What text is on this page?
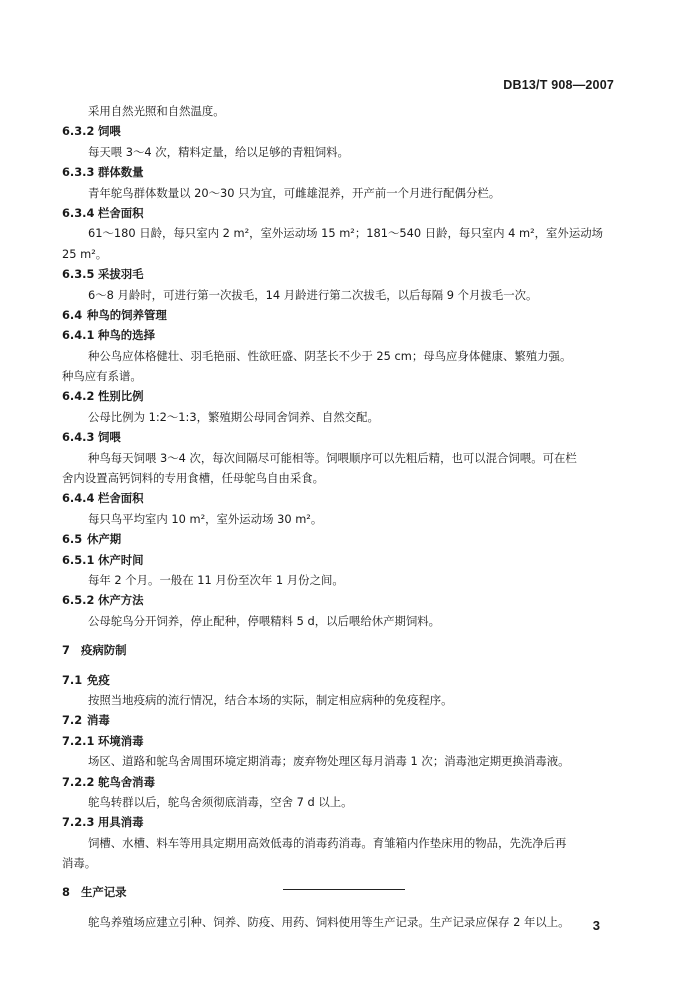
DB13/T 908—2007
采用自然光照和自然温度。
6.3.2 饲喂
每天喂 3～4 次，精料定量，给以足够的青粗饲料。
6.3.3 群体数量
青年鸵鸟群体数量以 20～30 只为宜，可雌雄混养，开产前一个月进行配偶分栏。
6.3.4 栏舍面积
61～180 日龄，每只室内 2 m²，室外运动场 15 m²；181～540 日龄，每只室内 4 m²，室外运动场
25 m²。
6.3.5 采拔羽毛
6～8 月龄时，可进行第一次拔毛，14 月龄进行第二次拔毛，以后每隔 9 个月拔毛一次。
6.4 种鸟的饲养管理
6.4.1 种鸟的选择
种公鸟应体格健壮、羽毛艳丽、性欲旺盛、阴茎长不少于 25 cm；母鸟应身体健康、繁殖力强。
种鸟应有系谱。
6.4.2 性别比例
公母比例为 1:2～1:3，繁殖期公母同舍饲养、自然交配。
6.4.3 饲喂
种鸟每天饲喂 3～4 次，每次间隔尽可能相等。饲喂顺序可以先粗后精，也可以混合饲喂。可在栏
舍内设置高钙饲料的专用食槽，任母鸵鸟自由采食。
6.4.4 栏舍面积
每只鸟平均室内 10 m²，室外运动场 30 m²。
6.5 休产期
6.5.1 休产时间
每年 2 个月。一般在 11 月份至次年 1 月份之间。
6.5.2 休产方法
公母鸵鸟分开饲养，停止配种，停喂精料 5 d，以后喂给休产期饲料。
7 疫病防制
7.1 免疫
按照当地疫病的流行情况，结合本场的实际，制定相应病种的免疫程序。
7.2 消毒
7.2.1 环境消毒
场区、道路和鸵鸟舍周围环境定期消毒；废弃物处理区每月消毒 1 次；消毒池定期更换消毒液。
7.2.2 鸵鸟舍消毒
鸵鸟转群以后，鸵鸟舍须彻底消毒，空舍 7 d 以上。
7.2.3 用具消毒
饲槽、水槽、料车等用具定期用高效低毒的消毒药消毒。育雏箱内作垫床用的物品，先洗净后再
消毒。
8 生产记录
鸵鸟养殖场应建立引种、饲养、防疫、用药、饲料使用等生产记录。生产记录应保存 2 年以上。	3
